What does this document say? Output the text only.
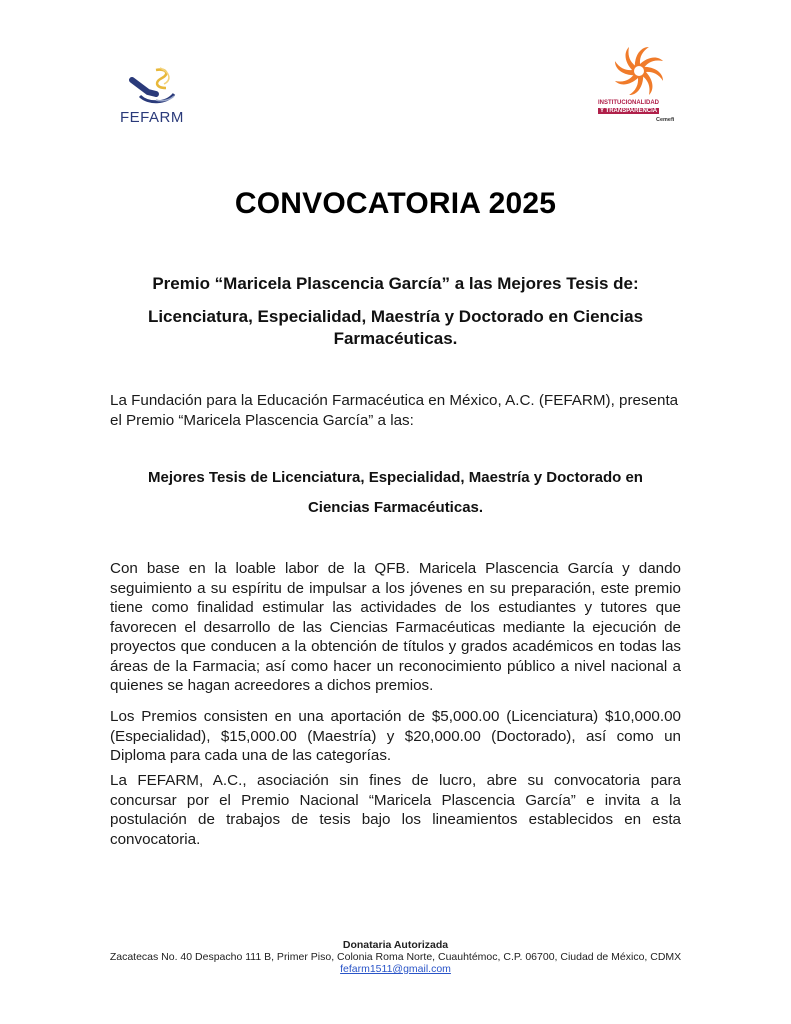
FEFARM
INSTITUCIONALIDAD
Y TRANSPARENCIA
Cemefi
CONVOCATORIA 2025
Premio “Maricela Plascencia García” a las Mejores Tesis de:
Licenciatura, Especialidad, Maestría y Doctorado en Ciencias Farmacéuticas.
La Fundación para la Educación Farmacéutica en México, A.C. (FEFARM), presenta el Premio “Maricela Plascencia García” a las:
Mejores Tesis de Licenciatura, Especialidad, Maestría y Doctorado en
Ciencias Farmacéuticas.
Con base en la loable labor de la QFB. Maricela Plascencia García y dando seguimiento a su espíritu de impulsar a los jóvenes en su preparación, este premio tiene como finalidad estimular las actividades de los estudiantes y tutores que favorecen el desarrollo de las Ciencias Farmacéuticas mediante la ejecución de proyectos que conducen a la obtención de títulos y grados académicos en todas las áreas de la Farmacia; así como hacer un reconocimiento público a nivel nacional a quienes se hagan acreedores a dichos premios.
Los Premios consisten en una aportación de $5,000.00 (Licenciatura) $10,000.00 (Especialidad), $15,000.00 (Maestría) y $20,000.00 (Doctorado), así como un Diploma para cada una de las categorías.
La FEFARM, A.C., asociación sin fines de lucro, abre su convocatoria para concursar por el Premio Nacional “Maricela Plascencia García” e invita a la postulación de trabajos de tesis bajo los lineamientos establecidos en esta convocatoria.
Donataria Autorizada
Zacatecas No. 40 Despacho 111 B, Primer Piso, Colonia Roma Norte, Cuauhtémoc, C.P. 06700, Ciudad de México, CDMX
fefarm1511@gmail.com
